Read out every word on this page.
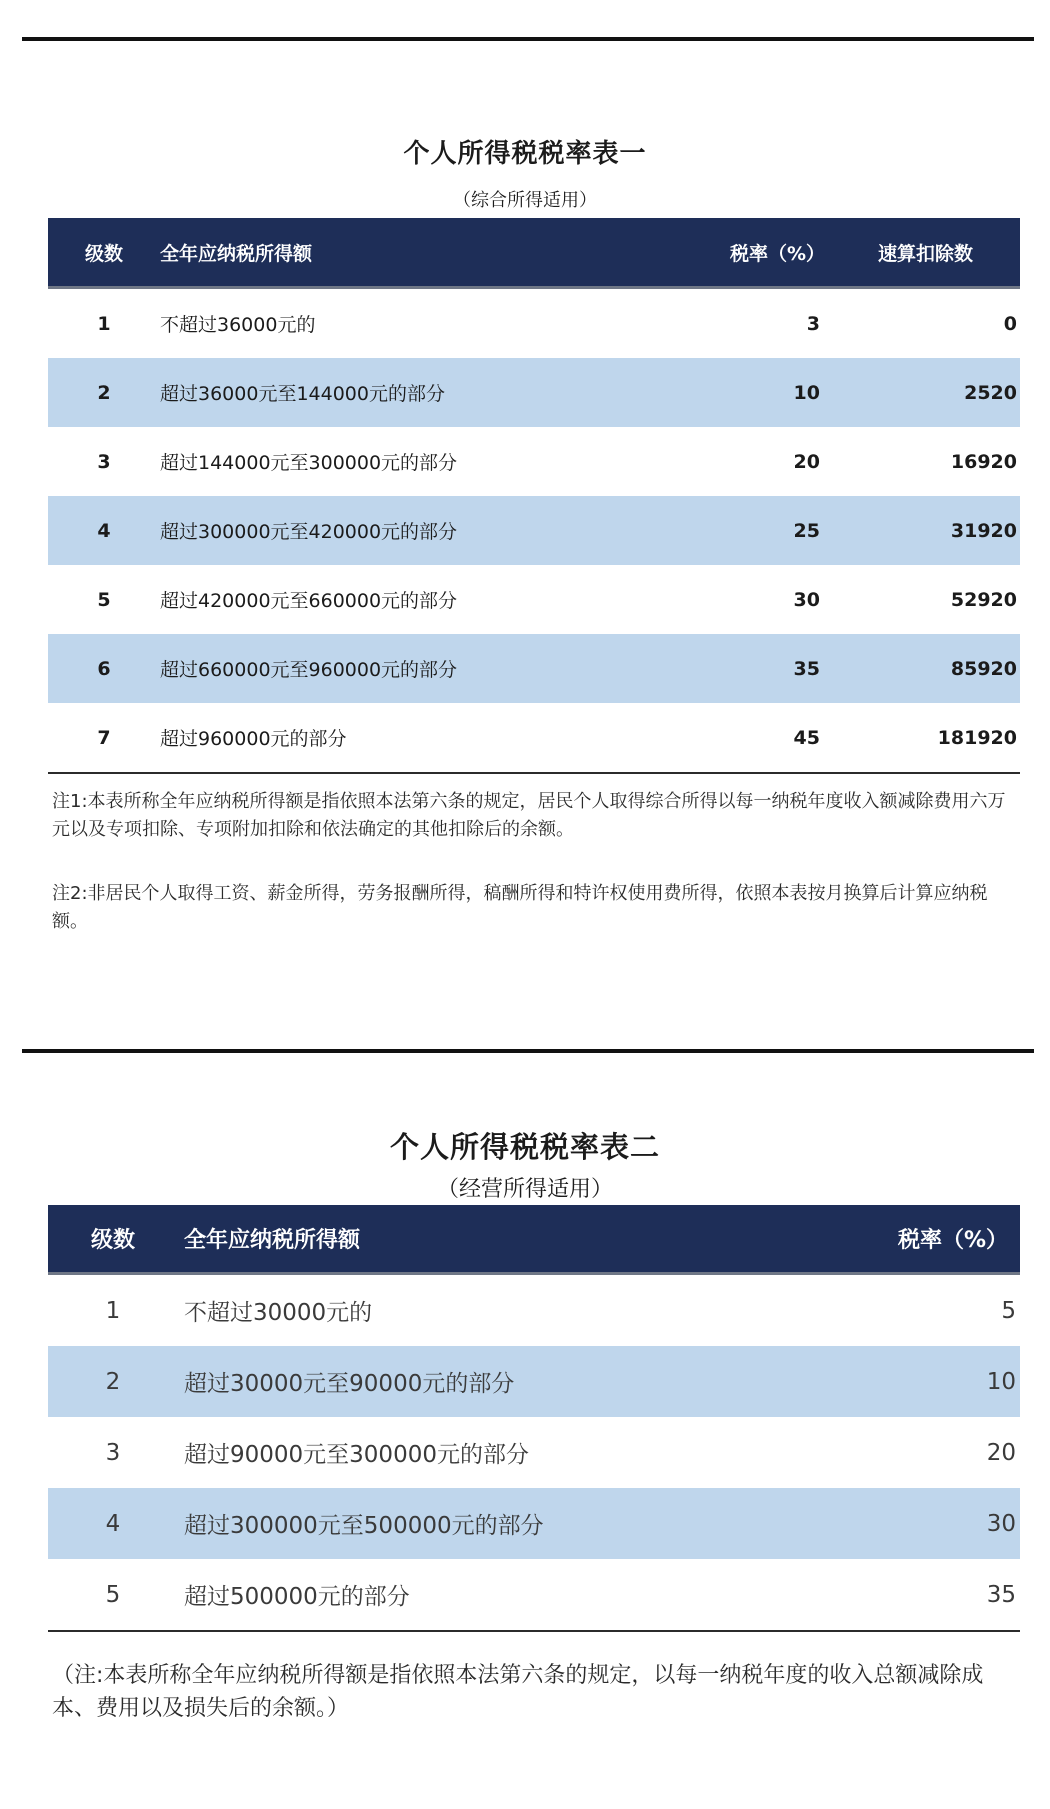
个人所得税税率表一
（综合所得适用）
级数	全年应纳税所得额	税率（%）	速算扣除数
1	不超过36000元的	3	0
2	超过36000元至144000元的部分	10	2520
3	超过144000元至300000元的部分	20	16920
4	超过300000元至420000元的部分	25	31920
5	超过420000元至660000元的部分	30	52920
6	超过660000元至960000元的部分	35	85920
7	超过960000元的部分	45	181920
注1:本表所称全年应纳税所得额是指依照本法第六条的规定，居民个人取得综合所得以每一纳税年度收入额减除费用六万元以及专项扣除、专项附加扣除和依法确定的其他扣除后的余额。
注2:非居民个人取得工资、薪金所得，劳务报酬所得，稿酬所得和特许权使用费所得，依照本表按月换算后计算应纳税额。
个人所得税税率表二
（经营所得适用）
级数	全年应纳税所得额	税率（%）
1	不超过30000元的	5
2	超过30000元至90000元的部分	10
3	超过90000元至300000元的部分	20
4	超过300000元至500000元的部分	30
5	超过500000元的部分	35
（注:本表所称全年应纳税所得额是指依照本法第六条的规定，以每一纳税年度的收入总额减除成本、费用以及损失后的余额。）
